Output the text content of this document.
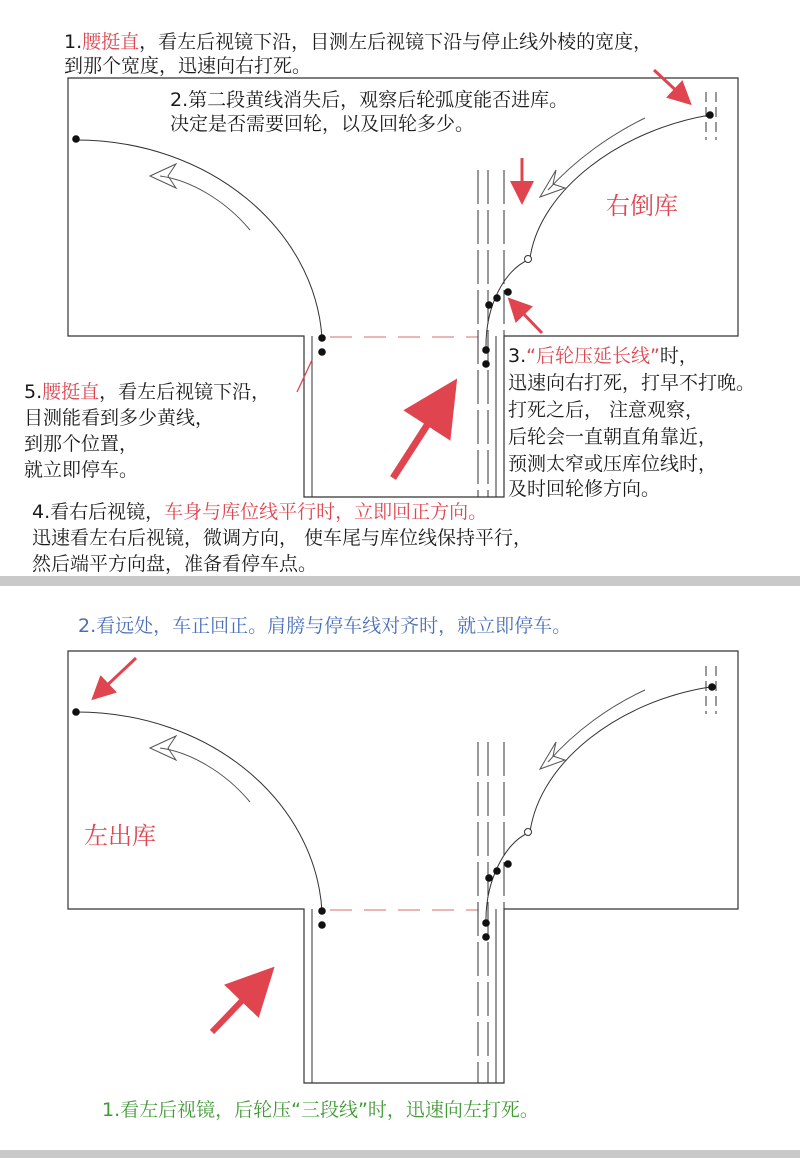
1.腰挺直，看左后视镜下沿，目测左后视镜下沿与停止线外棱的宽度，
到那个宽度，迅速向右打死。
2.第二段黄线消失后，观察后轮弧度能否进库。
决定是否需要回轮，以及回轮多少。
右倒库
3.“后轮压延长线”时，
迅速向右打死，打早不打晚。
打死之后， 注意观察，
后轮会一直朝直角靠近，
预测太窄或压库位线时，
及时回轮修方向。
5.腰挺直，看左后视镜下沿，
目测能看到多少黄线，
到那个位置，
就立即停车。
4.看右后视镜，车身与库位线平行时，立即回正方向。
迅速看左右后视镜，微调方向， 使车尾与库位线保持平行，
然后端平方向盘，准备看停车点。
2.看远处，车正回正。肩膀与停车线对齐时，就立即停车。
左出库
1.看左后视镜，后轮压“三段线”时，迅速向左打死。
